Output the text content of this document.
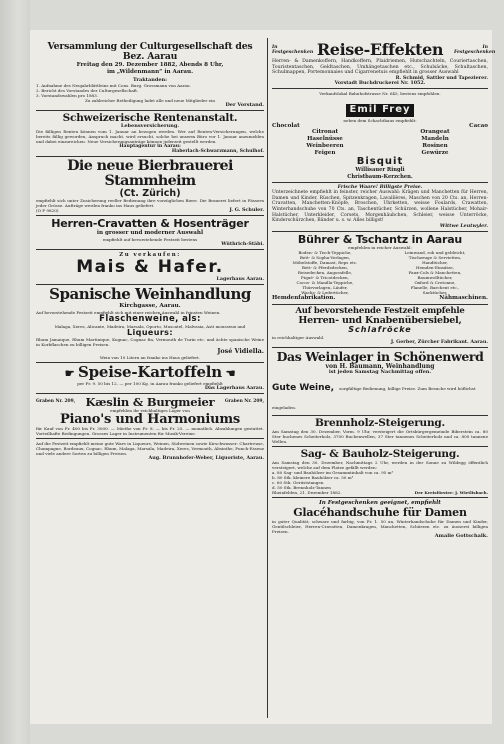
Versammlung der Culturgesellschaft des Bez. Aarau

Freitag den 29. Dezember 1882, Abends 8 Uhr,

im „Wildenmann“ in Aarau.

Traktanden:

1. Aufnahme des Neujahrblättleins mit Cons. Burg. Grossmann von Aarau.

2. Bericht des Vorstandes der Culturgesellschaft.

3. Vorstandswahlen pro 1883.

Zu zahlreicher Betheiligung ladet alle und neue Mitglieder ein

Der Vorstand.

Schweizerische Rentenanstalt.

Lebensversicherung.

Die fälligen Renten können vom 1. Januar an bezogen werden. Wer auf Renten-Versicherungen, welche bereits fällig geworden, Anspruch macht, wird ersucht, solche bei unserm Büro vor 1. Januar anzumelden und dabei einzureichen. Neue Versicherungsanträge können jederzeit gestellt werden.

Hauptagentur in Aarau:

Haberlach-Schwarzmann, Schulhof.

Die neue Bierbrauerei Stammheim

(Ct. Zürich)

empfiehlt sich unter Zusicherung reeller Bedienung ihre vorzüglichen Biere. Die Brauerei liefert in Fässern jeder Grösse. Aufträge werden franko ins Haus geliefert.

(O F 9820)	J. G. Schuler.

Herren-Cravatten & Hosenträger

in grosser und moderner Auswahl

empfiehlt auf bevorstehende Festzeit bestens

Wüthrich-Stäbi.

Zu verkaufen:

Mais & Hafer.

Lagerhaus Aarau.

Spanische Weinhandlung

Kirchgasse, Aarau.

Auf bevorstehende Festzeit empfiehlt sich mit einer reichen Auswahl in feinsten Weinen.

Flaschenweine, als:

Malaga, Xeres, Alicante, Madeira, Marsala, Oporto, Muscatel, Malvasia, Asti mousseux und

Liqueurs:

Rhum Jamaique, Rhum Martinique, Kognac, Cognac fin, Vermouth de Turin etc. und ächte spanische Weine in Korbflaschen zu billigen Preisen.

José Vidiella.

Wein von 10 Litern an franko ins Haus geliefert.

☛ Speise-Kartoffeln ☚

per Fr. 9. 50 bis 12. — per 100 Kg. in Aarau franko geliefert empfiehlt

Das Lagerhaus Aarau.

Graben Nr. 209, Kæslin & Burgmeier Graben Nr. 209,

empfehlen ihr reichhaltiges Lager von

Piano's und Harmoniums

für Kauf von Fr. 400 bis Fr. 3000. — Miethe von Fr. 8. — bis Fr. 25. — monatlich. Abzahlungen gestattet. Vorteilhafte Bedingungen. Grosses Lager in Instrumenten für Musik-Vereine.

Auf die Festzeit empfiehlt meine gute Ware in Liqueurs, Weinen, Südweinen sowie Kirschwasser: Chartreuse, Champagne, Bordeaux, Cognac, Rhum, Malaga, Marsala, Madeira, Xeres, Vermouth, Absinthe, Punch-Essenz und viele andere Sorten zu billigen Preisen.

Aug. Brunnhofer-Weber, Liquoriste, Aarau.

In Festgeschenken Reise-Effekten	In Festgeschenken

Herren- & Damenkoffern, Handkoffern, Plaidriemen, Hutschachteln, Couriertaschen, Touristentaschen, Geldtaschen, Umhängetaschen etc., Schulsäcke, Schultaschen, Schulmappen, Portemonnaies und Cigarrenetuis empfiehlt in grosser Auswahl

R. Schmid, Sattler und Tapezierer.

Vorstadt Buchdruckerei Nr. 1052.

Verkaufslokal Bahnhofstrasse Nr. 645, bestens empfohlen.

Emil Frey

neben dem Schachthaus empfiehlt:

Chocolat	Cacao

Citronat	Orangeat

Haselnüsse	Mandeln

Weinbeeren	Rosinen

Feigen	Gewürze

Bisquit

Willisauer Ringli

Christbaum-Kerzchen.

Frische Waare! Billigste Preise.

Unterzeichnete empfiehlt in feinster, reicher Auswahl: Krägen und Manchetten für Herren, Damen und Kinder, Rüschen, Spitzenkragen, Lavallières, Maschen von 20 Cts. an, Herren-Cravatten, Manchetten-Knöpfe, Broschen, Uhrketten, weisse Foulards, Crawatten, Winterhandschuhe von 70 Cts. an, Taschentücher, Schürzen, wollene Halstücher, Mohair-Halstücher, Unterkleider, Corsets, Morgenhäubchen, Schleier, weisse Unterröcke, Kinderschürzchen, Bänder u. s. w. Alles billigst!

Wittwe Leutwyler.

Bührer & Tschantz in Aarau

empfehlen in reicher Auswahl:

Boden- & Tisch-Teppiche,

Bett- & Sopha-Vorlagen,

Möbelstoffe, Damast, Reps etc.

Bett- & Pferdedecken,

Reisedecken, Angorafelle,

Piqué- & Tricotdecken,

Cocos- & Manilla-Teppiche,

Thürvorlagen, Läufer,

Wachs- & Ledertücher,

Leinwand, roh und gebleicht,

Tischzeuge & Servietten,

Handtücher,

Hemden-Einsätze,

Faux-Cols & Manchetten,

Baumwolltücher,

Oxford & Cretonne,

Flanelle, Barchent etc.,

Sacktücher.

Hemdenfabrikation.	Nähmaschinen.

Auf bevorstehende Festzeit empfehle

Herren- und Knabenübersiebel,

Schlafröcke

in reichhaltiger Auswahl.

J. Gerber, Zürcher Fabrikant. Aarau.

Das Weinlager in Schönenwerd

von H. Baumann, Weinhandlung

ist jeden Samstag Nachmittag offen.

Gute Weine, sorgfältige Bedienung, billige Preise. Zum Besuche wird höflichst eingeladen.

Brennholz-Steigerung.

Am Samstag den 30. Dezember, Vorm. 9 Uhr, versteigert die Ortsbürgergemeinde Biberstein ca. 80 Ster buchenes Scheiterholz, 3700 Buchenwellen, 37 Ster tannenes Scheiterholz und ca. 800 tannene Wellen.

Sag- & Bauholz-Steigerung.

Am Samstag den 30. Dezember, Nachmittags 2 Uhr, werden in der Sonne zu Wildegg öffentlich versteigert, welche auf dem Platze gefällt werden:

a. 80 Sag- und Bauhölzer im Gesammtinhalt von ca. 95 m³

b. 80 Stk. kleinere Bauhölzer ca. 50 m³

c. 60 Stk. Gerüststangen

d. 50 Stk. Brennholz-Tannen

Rheinfelden, 21. Dezember 1882.	Der Kreisförster: J. Wietlisbach.

In Festgeschenken geeignet, empfiehlt

Glacéhandschuhe für Damen

in guter Qualität, schwarz und farbig, von Fr. 1. 50 an, Winterhandschuhe für Damen und Kinder, Gentilschleier, Herren-Cravatten, Damenkragen, Manchetten, Schürzen etc. zu äusserst billigen Preisen.

Amalie Gottschalk.
